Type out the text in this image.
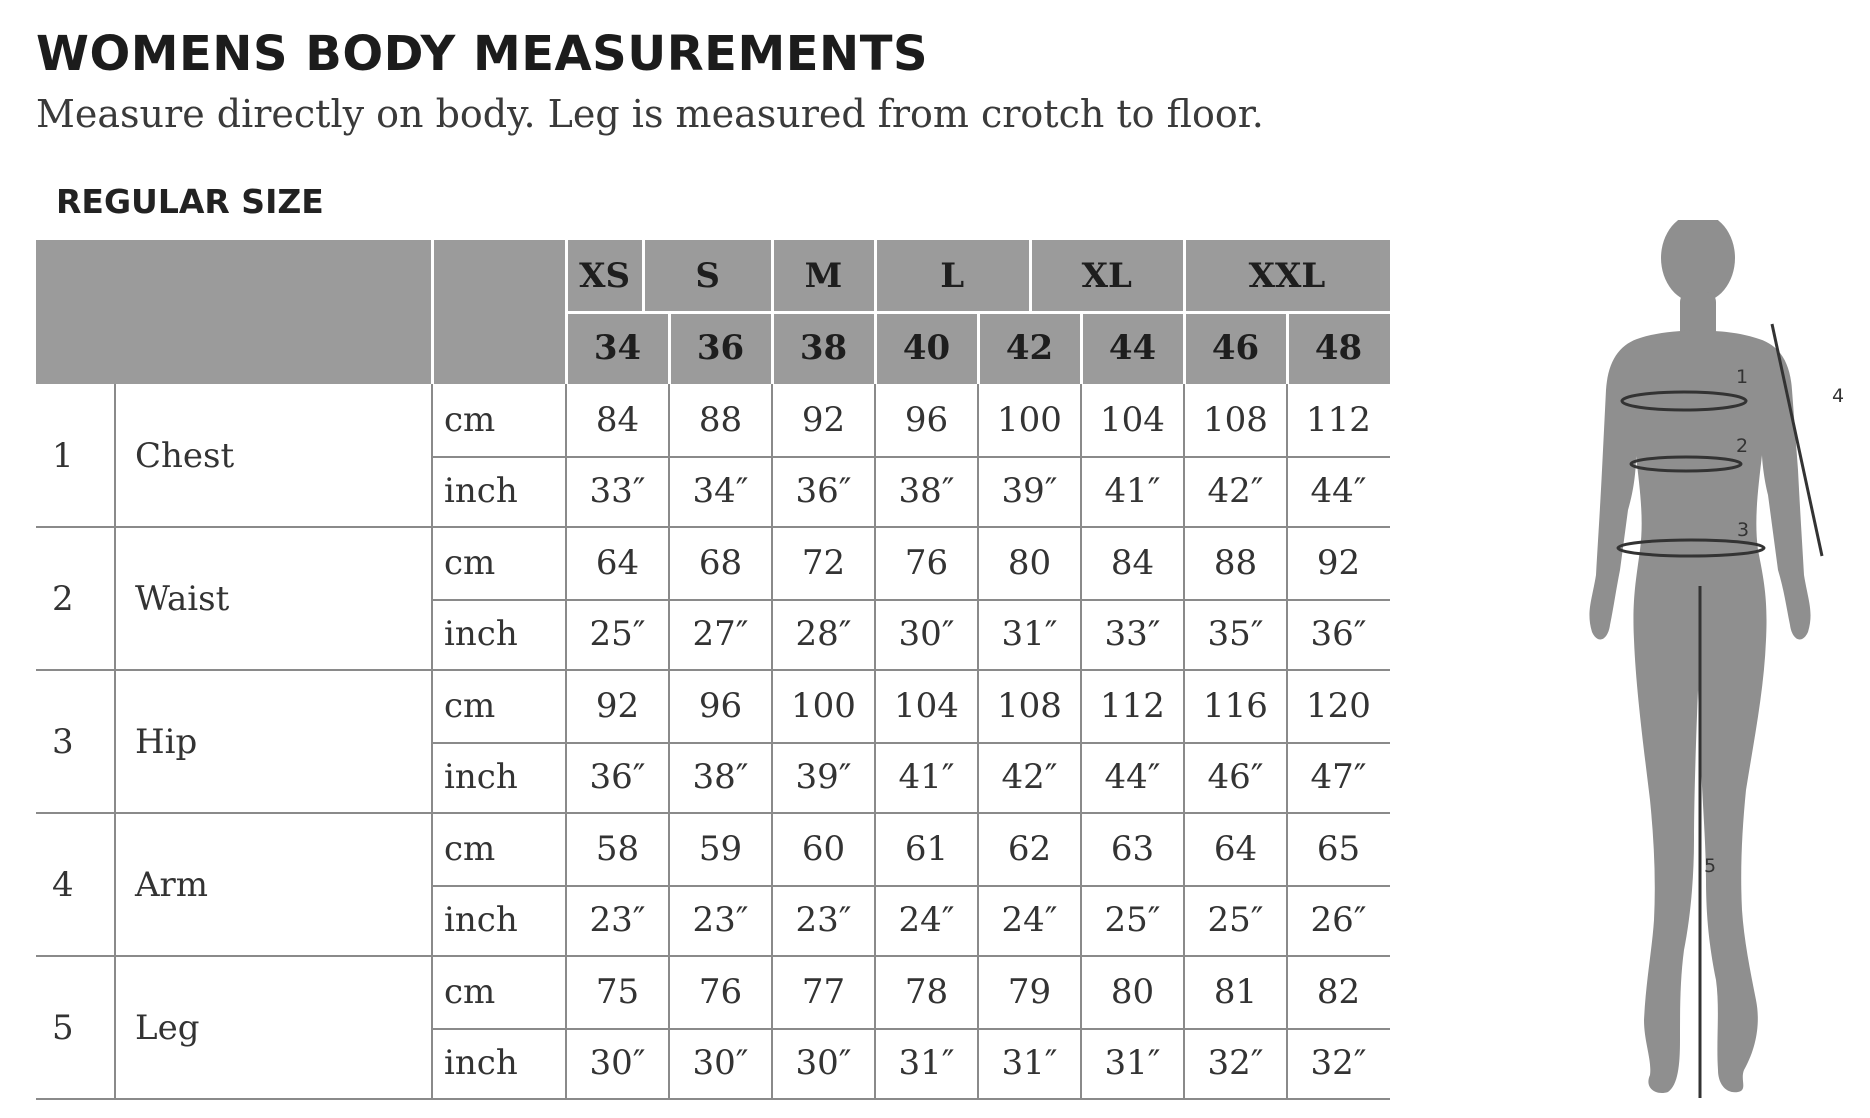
WOMENS BODY MEASUREMENTS
Measure directly on body. Leg is measured from crotch to floor.
REGULAR SIZE
XS	S	M	L	XL	XXL
34	36	38	40	42	44	46	48
1	Chest
cm	84	88	92	96	100	104	108	112
inch	33″	34″	36″	38″	39″	41″	42″	44″
2	Waist
cm	64	68	72	76	80	84	88	92
inch	25″	27″	28″	30″	31″	33″	35″	36″
3	Hip
cm	92	96	100	104	108	112	116	120
inch	36″	38″	39″	41″	42″	44″	46″	47″
4	Arm
cm	58	59	60	61	62	63	64	65
inch	23″	23″	23″	24″	24″	25″	25″	26″
5	Leg
cm	75	76	77	78	79	80	81	82
inch	30″	30″	30″	31″	31″	31″	32″	32″
1
2
3
4
5
